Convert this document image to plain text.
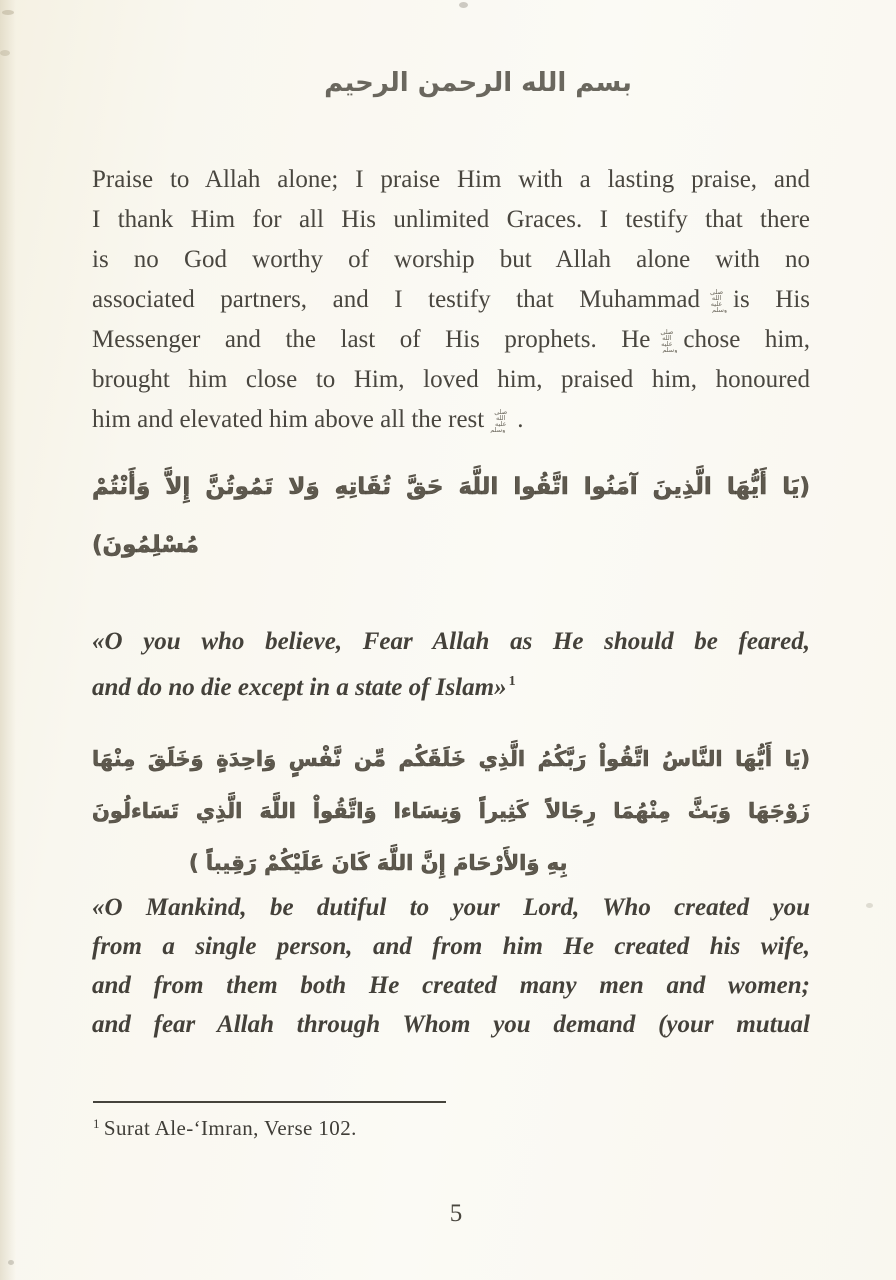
بسم الله الرحمن الرحيم
Praise to Allah alone; I praise Him with a lasting praise, and
I thank Him for all His unlimited Graces. I testify that there
is no God worthy of worship but Allah alone with no
associated partners, and I testify that Muhammad صلى الله عليه وسلم is His
Messenger and the last of His prophets. He صلى الله عليه وسلم chose him,
brought him close to Him, loved him, praised him, honoured
him and elevated him above all the rest صلى الله عليه وسلم .
(يَا أَيُّهَا الَّذِينَ آمَنُوا اتَّقُوا اللَّهَ حَقَّ تُقَاتِهِ وَلا تَمُوتُنَّ إِلاَّ وَأَنْتُمْ
مُسْلِمُونَ)
«O you who believe, Fear Allah as He should be feared,
and do no die except in a state of Islam» $^1$
(يَا أَيُّهَا النَّاسُ اتَّقُواْ رَبَّكُمُ الَّذِي خَلَقَكُم مِّن نَّفْسٍ وَاحِدَةٍ وَخَلَقَ مِنْهَا
زَوْجَهَا وَبَثَّ مِنْهُمَا رِجَالاً كَثِيراً وَنِسَاءا وَاتَّقُواْ اللَّهَ الَّذِي تَسَاءلُونَ
بِهِ وَالأَرْحَامَ إِنَّ اللَّهَ كَانَ عَلَيْكُمْ رَقِيباً )
«O Mankind, be dutiful to your Lord, Who created you
from a single person, and from him He created his wife,
and from them both He created many men and women;
and fear Allah through Whom you demand (your mutual
$^1$ Surat Ale-‘Imran, Verse 102.
5
